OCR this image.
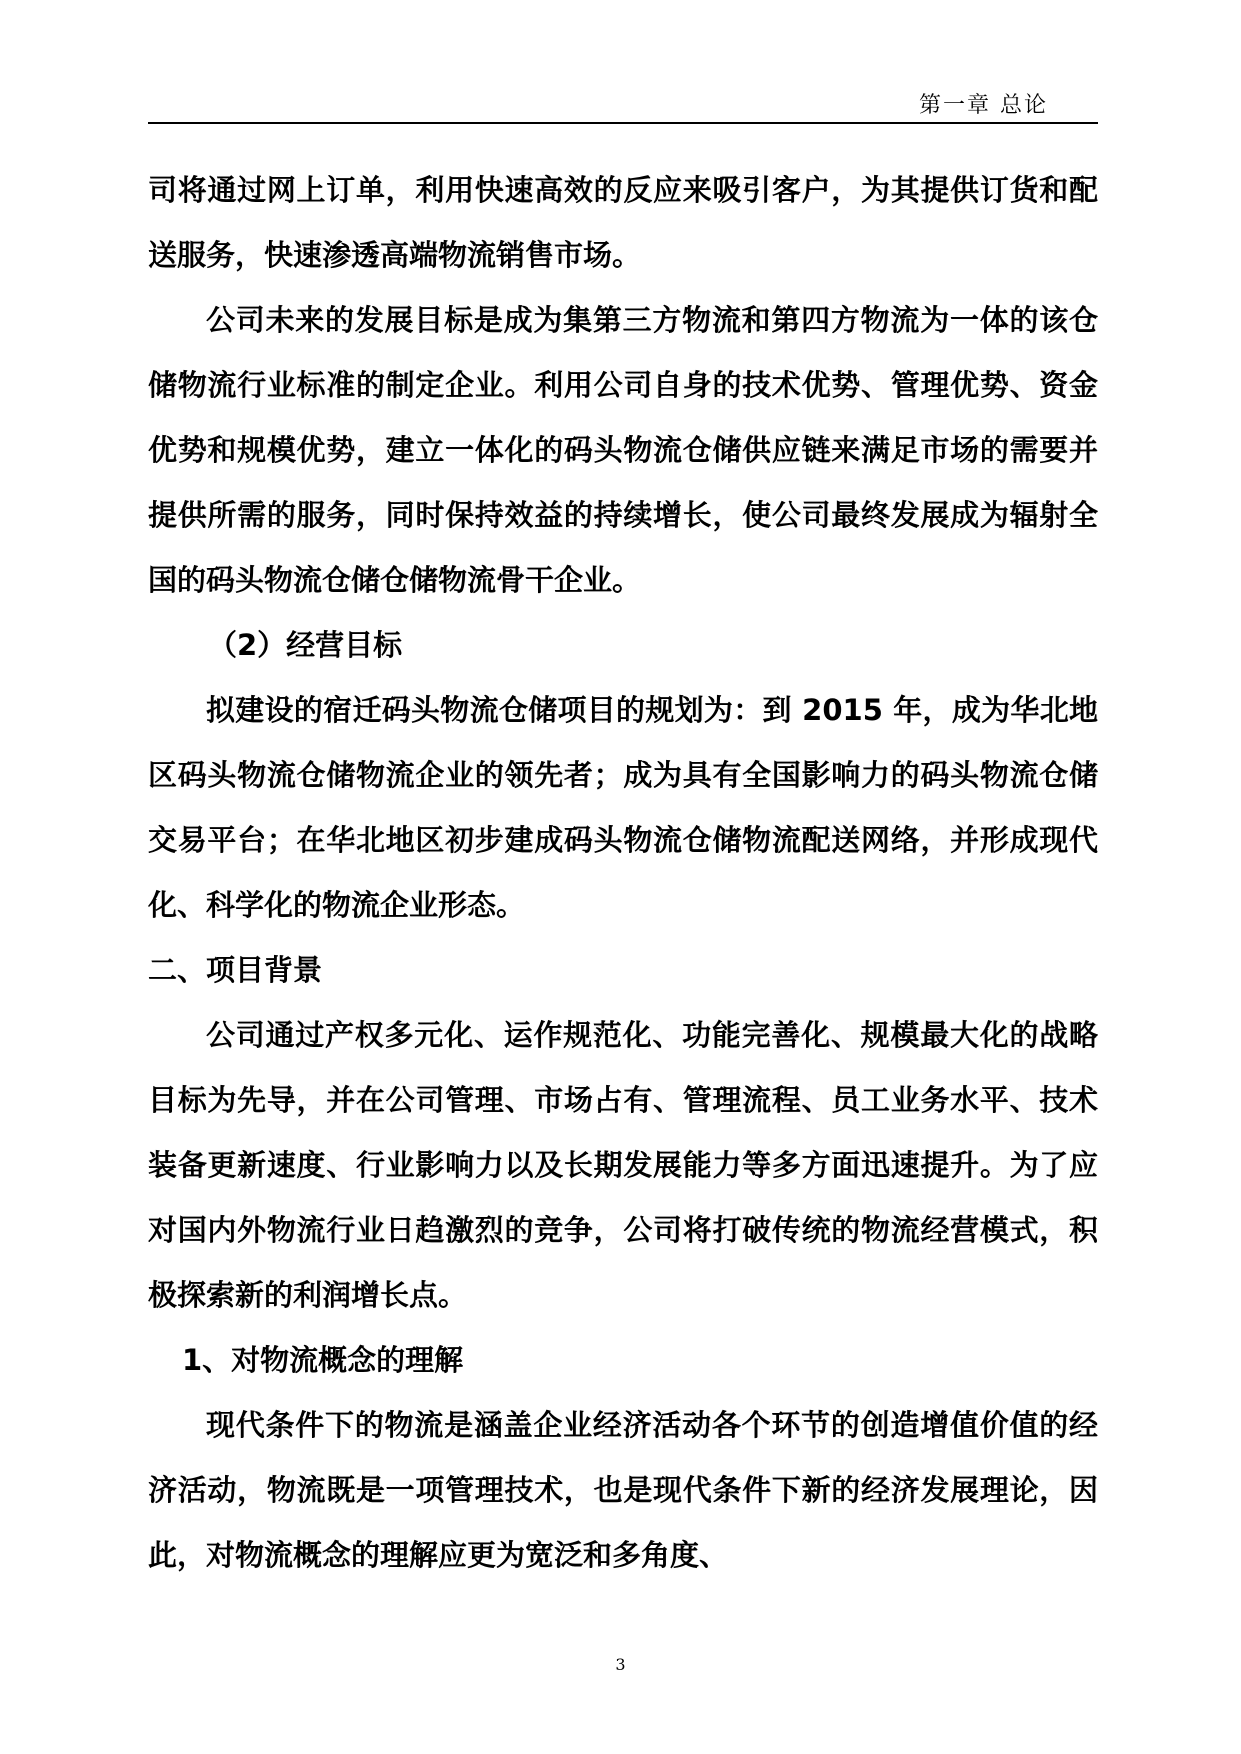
第一章 总论

司将通过网上订单，利用快速高效的反应来吸引客户，为其提供订货和配送服务，快速渗透高端物流销售市场。

公司未来的发展目标是成为集第三方物流和第四方物流为一体的该仓储物流行业标准的制定企业。利用公司自身的技术优势、管理优势、资金优势和规模优势，建立一体化的码头物流仓储供应链来满足市场的需要并提供所需的服务，同时保持效益的持续增长，使公司最终发展成为辐射全国的码头物流仓储仓储物流骨干企业。

（2）经营目标

拟建设的宿迁码头物流仓储项目的规划为：到 2015 年，成为华北地区码头物流仓储物流企业的领先者；成为具有全国影响力的码头物流仓储交易平台；在华北地区初步建成码头物流仓储物流配送网络，并形成现代化、科学化的物流企业形态。

二、项目背景

公司通过产权多元化、运作规范化、功能完善化、规模最大化的战略目标为先导，并在公司管理、市场占有、管理流程、员工业务水平、技术装备更新速度、行业影响力以及长期发展能力等多方面迅速提升。为了应对国内外物流行业日趋激烈的竞争，公司将打破传统的物流经营模式，积极探索新的利润增长点。

1、对物流概念的理解

现代条件下的物流是涵盖企业经济活动各个环节的创造增值价值的经济活动，物流既是一项管理技术，也是现代条件下新的经济发展理论，因此，对物流概念的理解应更为宽泛和多角度、

3
